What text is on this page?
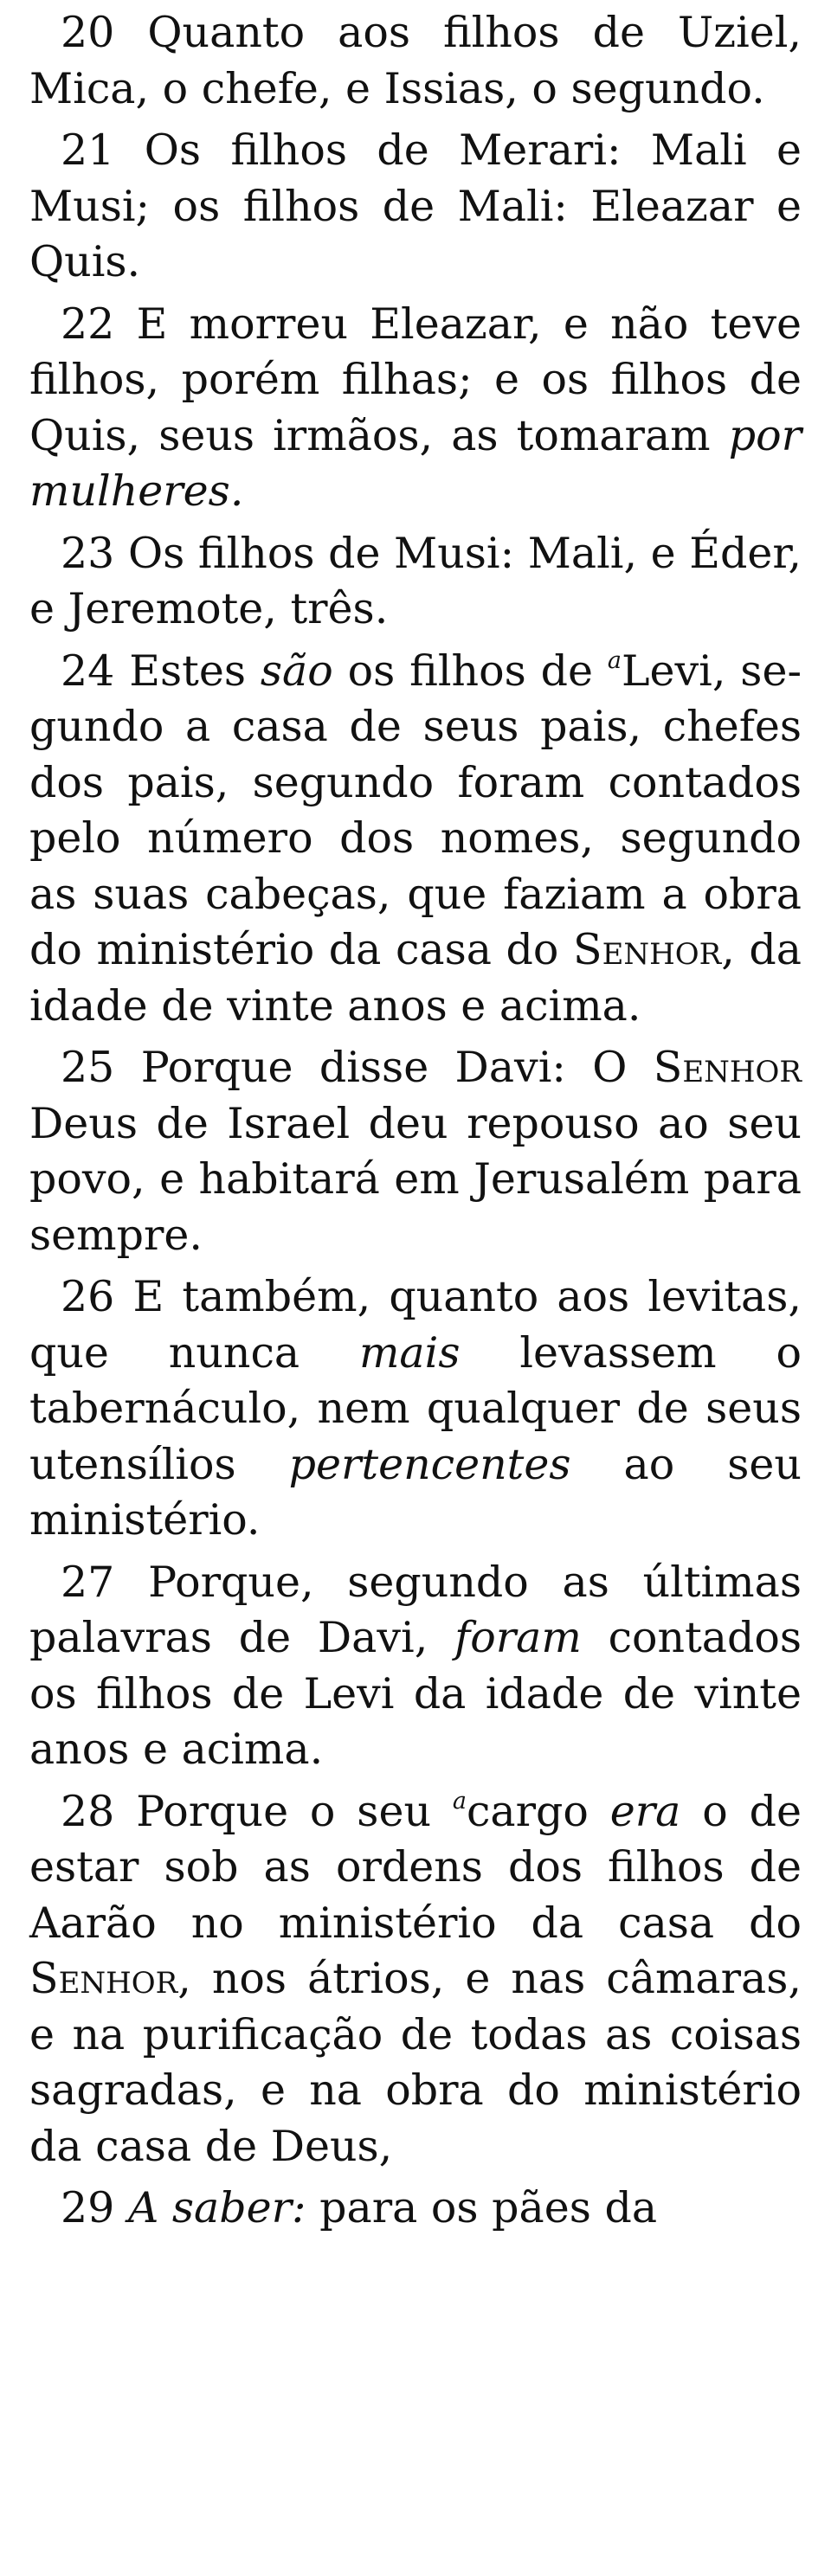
20 Quanto aos filhos de Uziel, Mica, o chefe, e Issias, o segundo.

21 Os filhos de Merari: Mali e Musi; os filhos de Mali: Eleazar e Quis.

22 E morreu Eleazar, e não teve filhos, porém filhas; e os filhos de Quis, seus irmãos, as tomaram por mulheres.

23 Os filhos de Musi: Mali, e Éder, e Jeremote, três.

24 Estes são os filhos de $^a$Levi, segundo a casa de seus pais, chefes dos pais, segundo foram contados pelo número dos nomes, segundo as suas cabeças, que faziam a obra do ministério da casa do Senhor, da idade de vinte anos e acima.

25 Porque disse Davi: O Senhor Deus de Israel deu repouso ao seu povo, e habitará em Jerusalém para sempre.

26 E também, quanto aos levitas, que nunca mais levassem o tabernáculo, nem qualquer de seus utensílios pertencentes ao seu ministério.

27 Porque, segundo as últimas palavras de Davi, foram contados os filhos de Levi da idade de vinte anos e acima.

28 Porque o seu $^a$cargo era o de estar sob as ordens dos filhos de Aarão no ministério da casa do Senhor, nos átrios, e nas câmaras, e na purificação de todas as coisas sagradas, e na obra do ministério da casa de Deus,

29 A saber: para os pães da
